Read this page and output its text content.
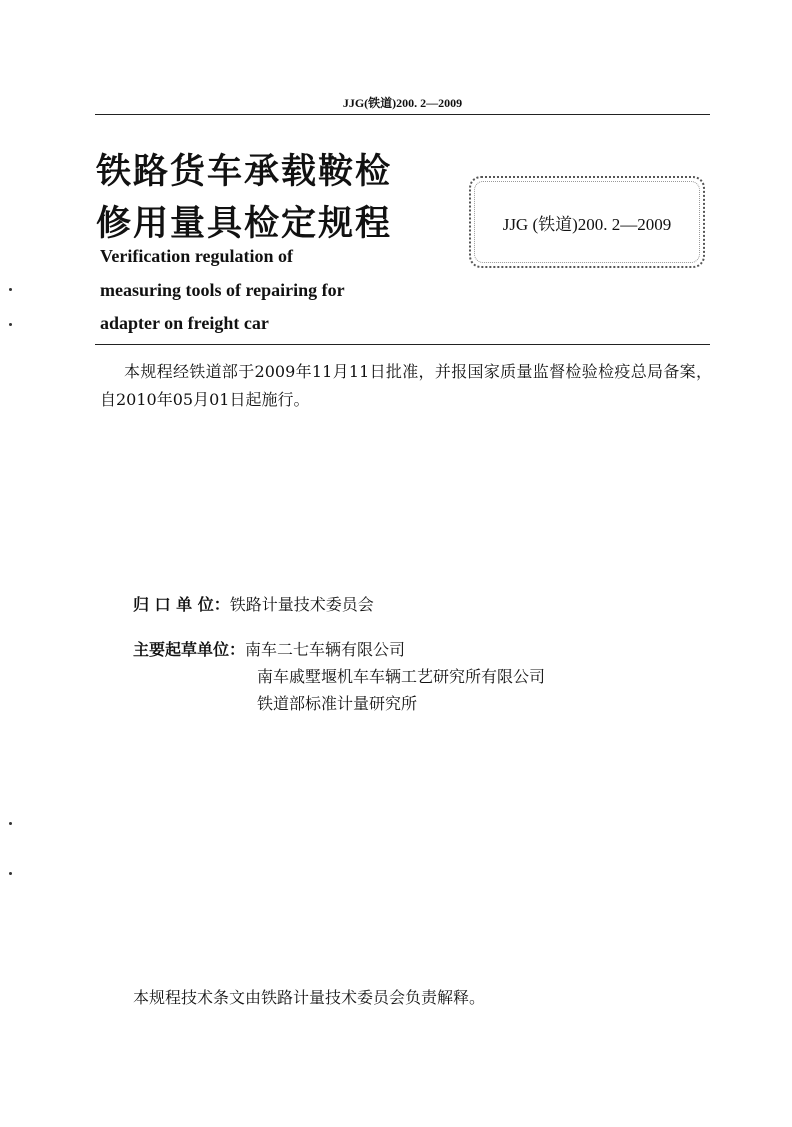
JJG(铁道)200. 2—2009
铁路货车承载鞍检
修用量具检定规程	JJG (铁道)200. 2—2009
Verification regulation of
measuring tools of repairing for
adapter on freight car
本规程经铁道部于2009年11月11日批准，并报国家质量监督检验检疫总局备案，自2010年05月01日起施行。
归 口 单 位：铁路计量技术委员会
主要起草单位：南车二七车辆有限公司
南车戚墅堰机车车辆工艺研究所有限公司
铁道部标准计量研究所
本规程技术条文由铁路计量技术委员会负责解释。
